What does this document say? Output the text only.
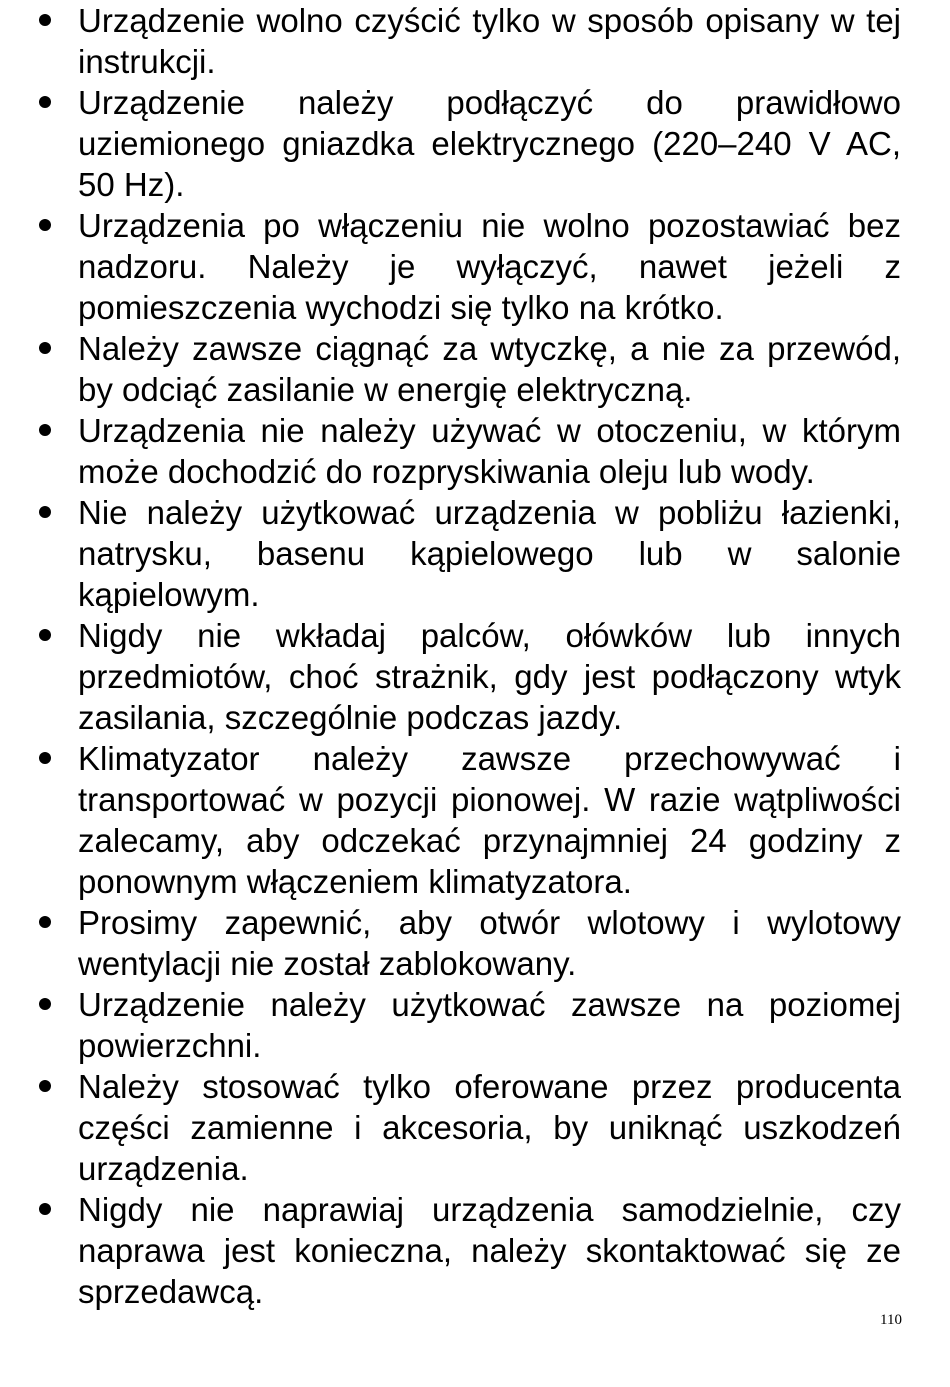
Urządzenie wolno czyścić tylko w sposób opisany w tej instrukcji.
Urządzenie należy podłączyć do prawidłowo uziemionego gniazdka elektrycznego (220–240 V AC, 50 Hz).
Urządzenia po włączeniu nie wolno pozostawiać bez nadzoru. Należy je wyłączyć, nawet jeżeli z pomieszczenia wychodzi się tylko na krótko.
Należy zawsze ciągnąć za wtyczkę, a nie za przewód, by odciąć zasilanie w energię elektryczną.
Urządzenia nie należy używać w otoczeniu, w którym może dochodzić do rozpryskiwania oleju lub wody.
Nie należy użytkować urządzenia w pobliżu łazienki, natrysku, basenu kąpielowego lub w salonie kąpielowym.
Nigdy nie wkładaj palców, ołówków lub innych przedmiotów, choć strażnik, gdy jest podłączony wtyk zasilania, szczególnie podczas jazdy.
Klimatyzator należy zawsze przechowywać i transportować w pozycji pionowej. W razie wątpliwości zalecamy, aby odczekać przynajmniej 24 godziny z ponownym włączeniem klimatyzatora.
Prosimy zapewnić, aby otwór wlotowy i wylotowy wentylacji nie został zablokowany.
Urządzenie należy użytkować zawsze na poziomej powierzchni.
Należy stosować tylko oferowane przez producenta części zamienne i akcesoria, by uniknąć uszkodzeń urządzenia.
Nigdy nie naprawiaj urządzenia samodzielnie, czy naprawa jest konieczna, należy skontaktować się ze sprzedawcą.
110
